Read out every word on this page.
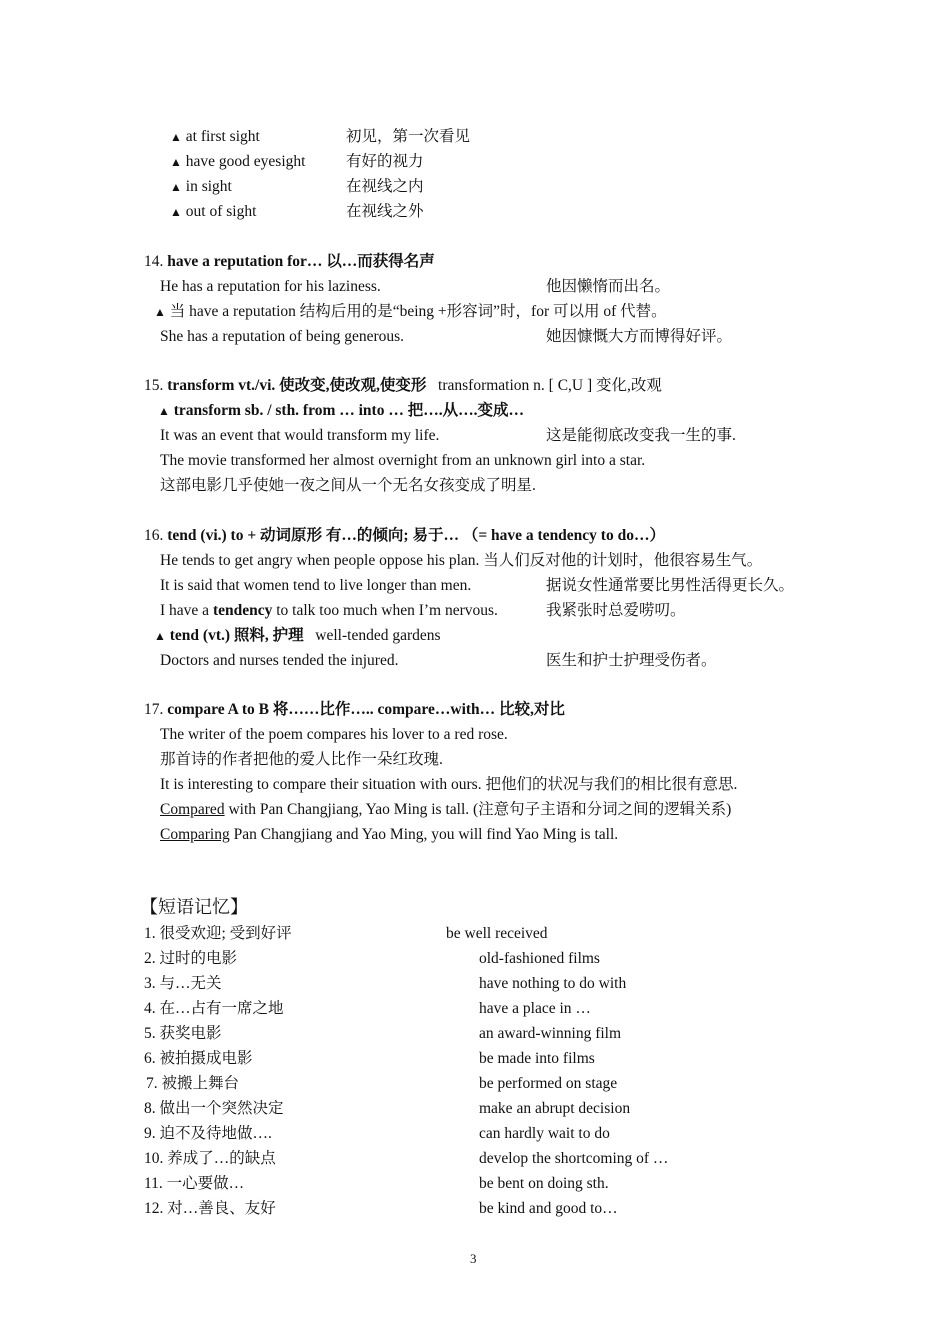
▲ at first sight	初见，第一次看见
▲ have good eyesight	有好的视力
▲ in sight	在视线之内
▲ out of sight	在视线之外
14. have a reputation for… 以…而获得名声
He has a reputation for his laziness.	他因懒惰而出名。
▲ 当 have a reputation 结构后用的是“being +形容词”时，for 可以用 of 代替。
She has a reputation of being generous.	她因慷慨大方而博得好评。
15. transform vt./vi. 使改变,使改观,使变形 transformation n. [ C,U ] 变化,改观
▲ transform sb. / sth. from … into … 把….从….变成…
It was an event that would transform my life.	这是能彻底改变我一生的事.
The movie transformed her almost overnight from an unknown girl into a star.
这部电影几乎使她一夜之间从一个无名女孩变成了明星.
16. tend (vi.) to + 动词原形 有…的倾向; 易于… （= have a tendency to do…）
He tends to get angry when people oppose his plan. 当人们反对他的计划时，他很容易生气。
It is said that women tend to live longer than men.	据说女性通常要比男性活得更长久。
I have a tendency to talk too much when I’m nervous.	我紧张时总爱唠叨。
▲ tend (vt.) 照料, 护理 well-tended gardens
Doctors and nurses tended the injured.	医生和护士护理受伤者。
17. compare A to B 将……比作….. compare…with… 比较,对比
The writer of the poem compares his lover to a red rose.
那首诗的作者把他的爱人比作一朵红玫瑰.
It is interesting to compare their situation with ours. 把他们的状况与我们的相比很有意思.
Compared with Pan Changjiang, Yao Ming is tall. (注意句子主语和分词之间的逻辑关系)
Comparing Pan Changjiang and Yao Ming, you will find Yao Ming is tall.
【短语记忆】
1. 很受欢迎; 受到好评	be well received
2. 过时的电影	old-fashioned films
3. 与…无关	have nothing to do with
4. 在…占有一席之地	have a place in …
5. 获奖电影	an award-winning film
6. 被拍摄成电影	be made into films
7. 被搬上舞台	be performed on stage
8. 做出一个突然决定	make an abrupt decision
9. 迫不及待地做….	can hardly wait to do
10. 养成了…的缺点	develop the shortcoming of …
11. 一心要做…	be bent on doing sth.
12. 对…善良、友好	be kind and good to…
3
